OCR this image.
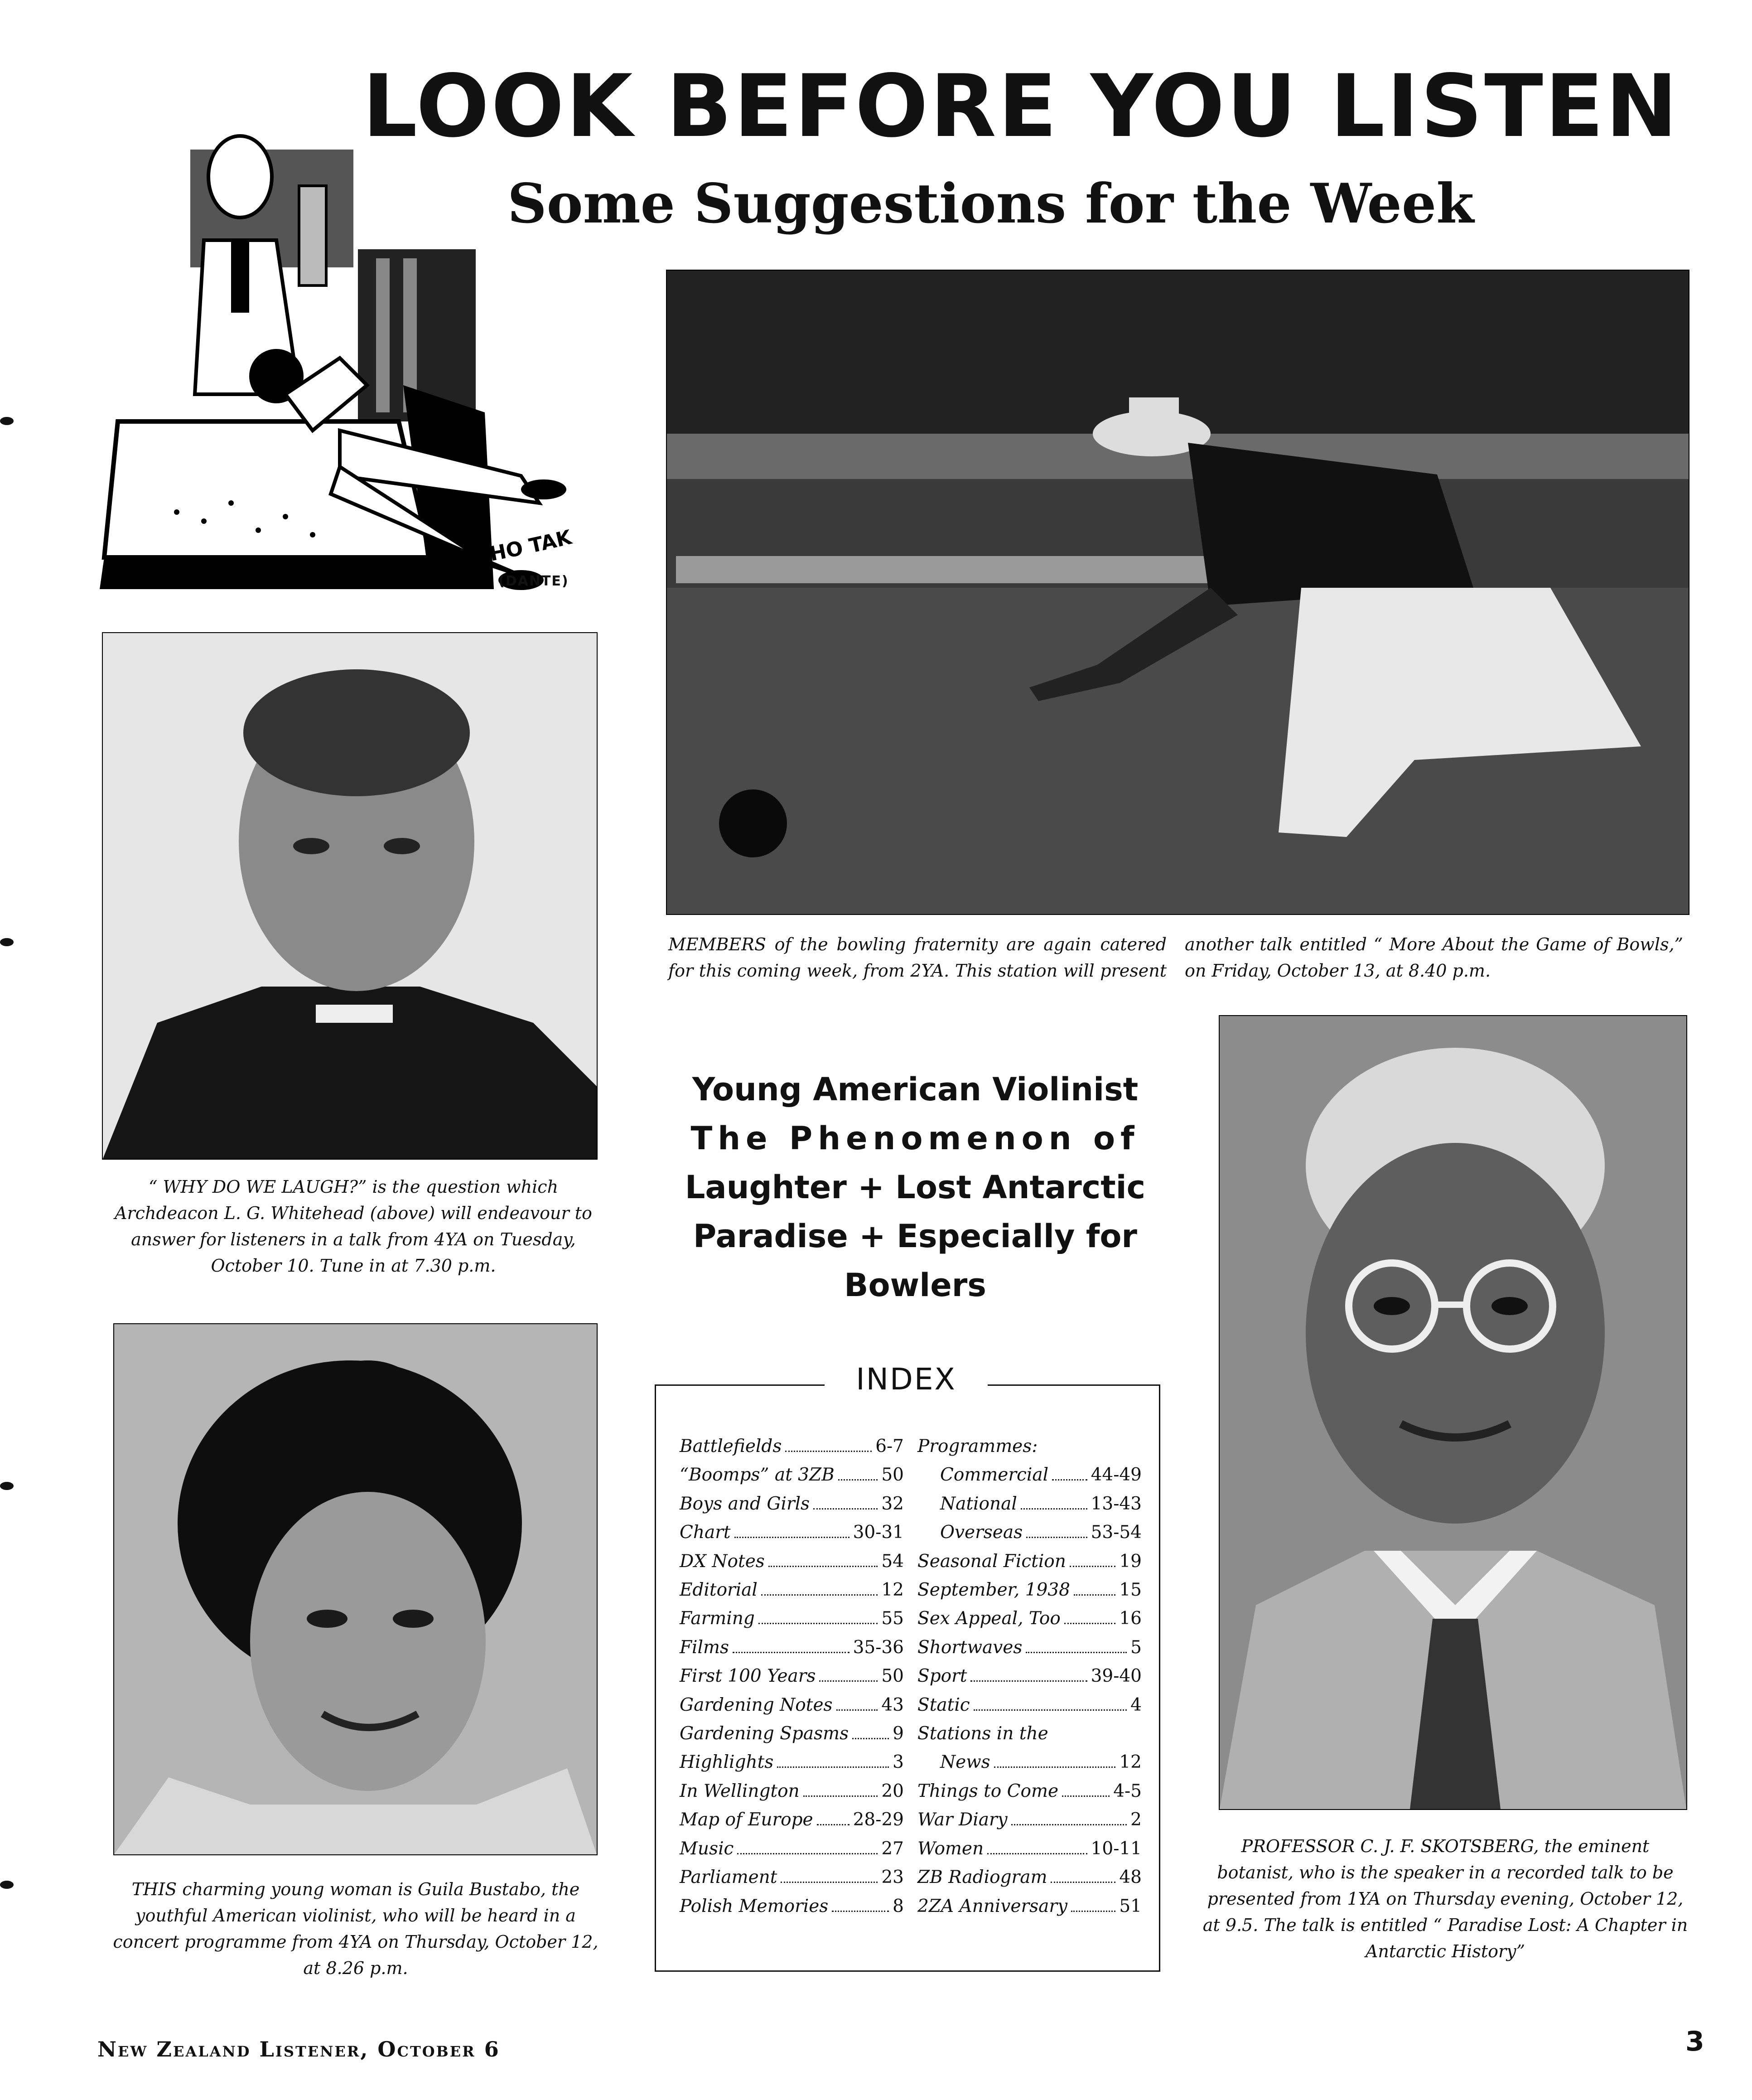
LOOK BEFORE YOU LISTEN
Some Suggestions for the Week
"HE LISTENS TO GOOD PURPOSE WHO TAK
(DANTE)
MEMBERS of the bowling fraternity are again catered for this coming week, from 2YA. This station will present another talk entitled “ More About the Game of Bowls,” on Friday, October 13, at 8.40 p.m.
“ WHY DO WE LAUGH?” is the question which Archdeacon L. G. Whitehead (above) will endeavour to answer for listeners in a talk from 4YA on Tuesday, October 10. Tune in at 7.30 p.m.
Young American Violinist
The Phenomenon of
Laughter + Lost Antarctic
Paradise + Especially for
Bowlers
THIS charming young woman is Guila Bustabo, the youthful American violinist, who will be heard in a concert programme from 4YA on Thursday, October 12, at 8.26 p.m.
INDEX
Battlefields	6-7
“Boomps” at 3ZB	50
Boys and Girls	32
Chart	30-31
DX Notes	54
Editorial	12
Farming	55
Films	35-36
First 100 Years	50
Gardening Notes	43
Gardening Spasms 9
Highlights	3
In Wellington	20
Map of Europe 28-29
Music	27
Parliament	23
Polish Memories	8
Programmes:
Commercial 44-49
National	13-43
Overseas	53-54
Seasonal Fiction	19
September, 1938	15
Sex Appeal, Too	16
Shortwaves	5
Sport	39-40
Static	4
Stations in the
News	12
Things to Come	4-5
War Diary	2
Women	10-11
ZB Radiogram	48
2ZA Anniversary	51
PROFESSOR C. J. F. SKOTSBERG, the eminent botanist, who is the speaker in a recorded talk to be presented from 1YA on Thursday evening, October 12, at 9.5. The talk is entitled “ Paradise Lost: A Chapter in Antarctic History”
New Zealand Listener, October 6	3
